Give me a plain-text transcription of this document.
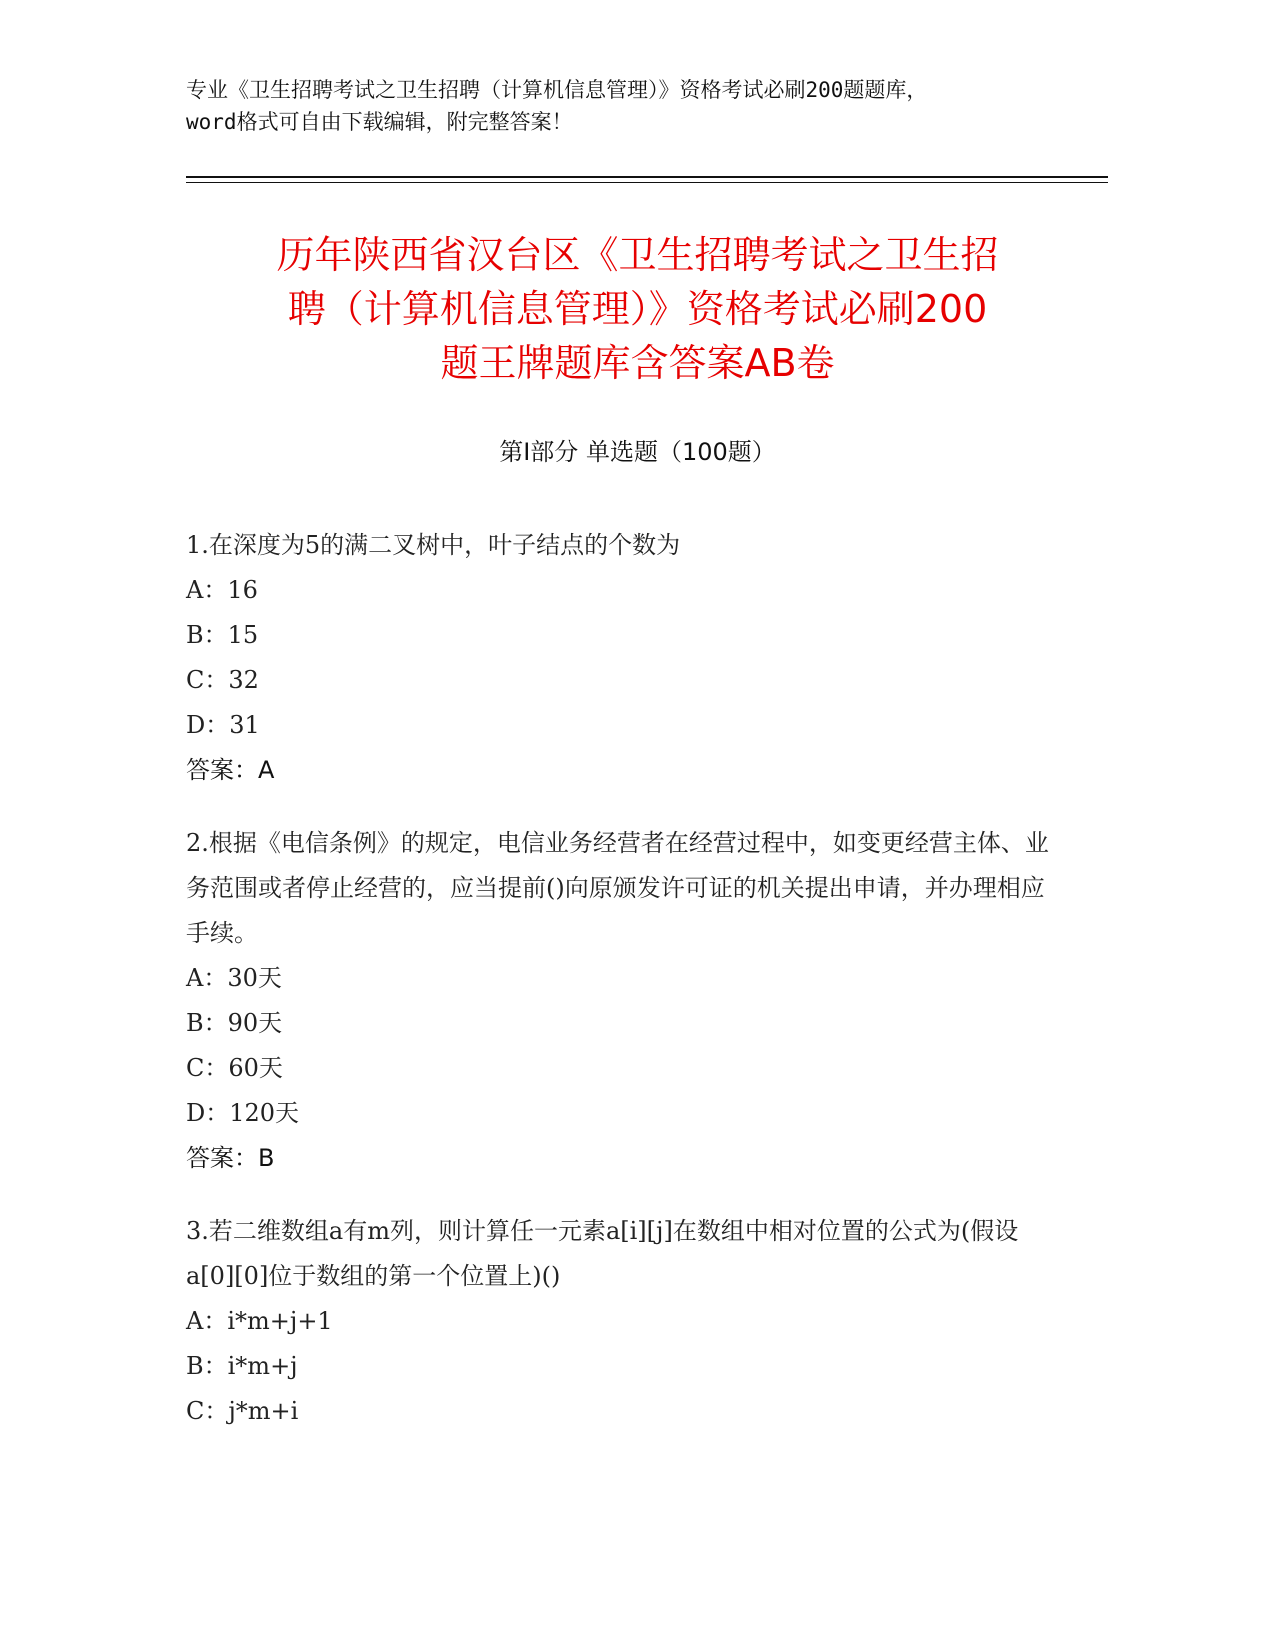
专业《卫生招聘考试之卫生招聘（计算机信息管理）》资格考试必刷200题题库，
word格式可自由下载编辑，附完整答案！
历年陕西省汉台区《卫生招聘考试之卫生招
聘（计算机信息管理）》资格考试必刷200
题王牌题库含答案AB卷
第Ⅰ部分 单选题（100题）
1.在深度为5的满二叉树中，叶子结点的个数为
A：16
B：15
C：32
D：31
答案：A
2.根据《电信条例》的规定，电信业务经营者在经营过程中，如变更经营主体、业务范围或者停止经营的，应当提前()向原颁发许可证的机关提出申请，并办理相应手续。
A：30天
B：90天
C：60天
D：120天
答案：B
3.若二维数组a有m列，则计算任一元素a[i][j]在数组中相对位置的公式为(假设a[0][0]位于数组的第一个位置上)()
A：i*m+j+1
B：i*m+j
C：j*m+i
